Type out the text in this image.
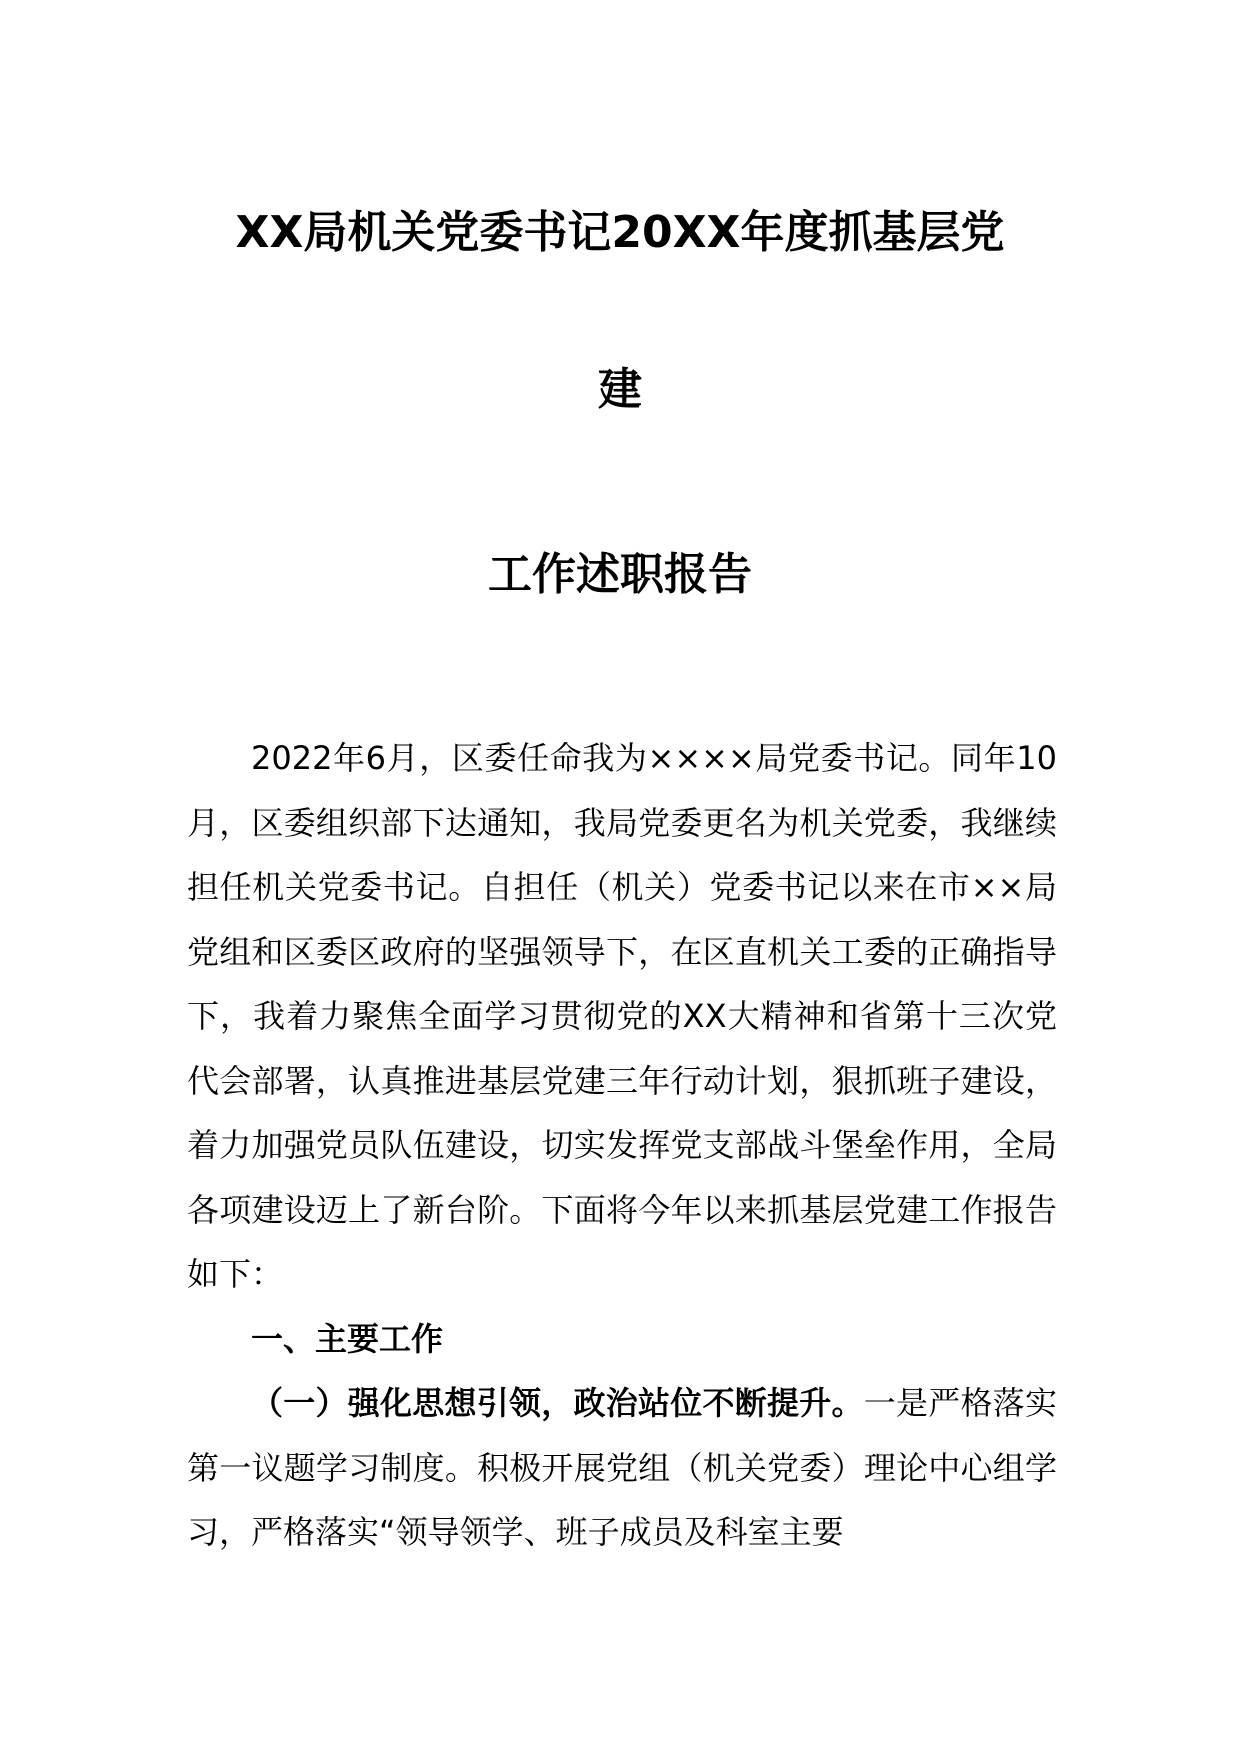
XX局机关党委书记20XX年度抓基层党
建
工作述职报告

2022年6月，区委任命我为××××局党委书记。同年10月，区委组织部下达通知，我局党委更名为机关党委，我继续担任机关党委书记。自担任（机关）党委书记以来在市××局党组和区委区政府的坚强领导下，在区直机关工委的正确指导下，我着力聚焦全面学习贯彻党的XX大精神和省第十三次党代会部署，认真推进基层党建三年行动计划，狠抓班子建设，着力加强党员队伍建设，切实发挥党支部战斗堡垒作用，全局各项建设迈上了新台阶。下面将今年以来抓基层党建工作报告如下：

一、主要工作

（一）强化思想引领，政治站位不断提升。一是严格落实第一议题学习制度。积极开展党组（机关党委）理论中心组学习，严格落实“领导领学、班子成员及科室主要
